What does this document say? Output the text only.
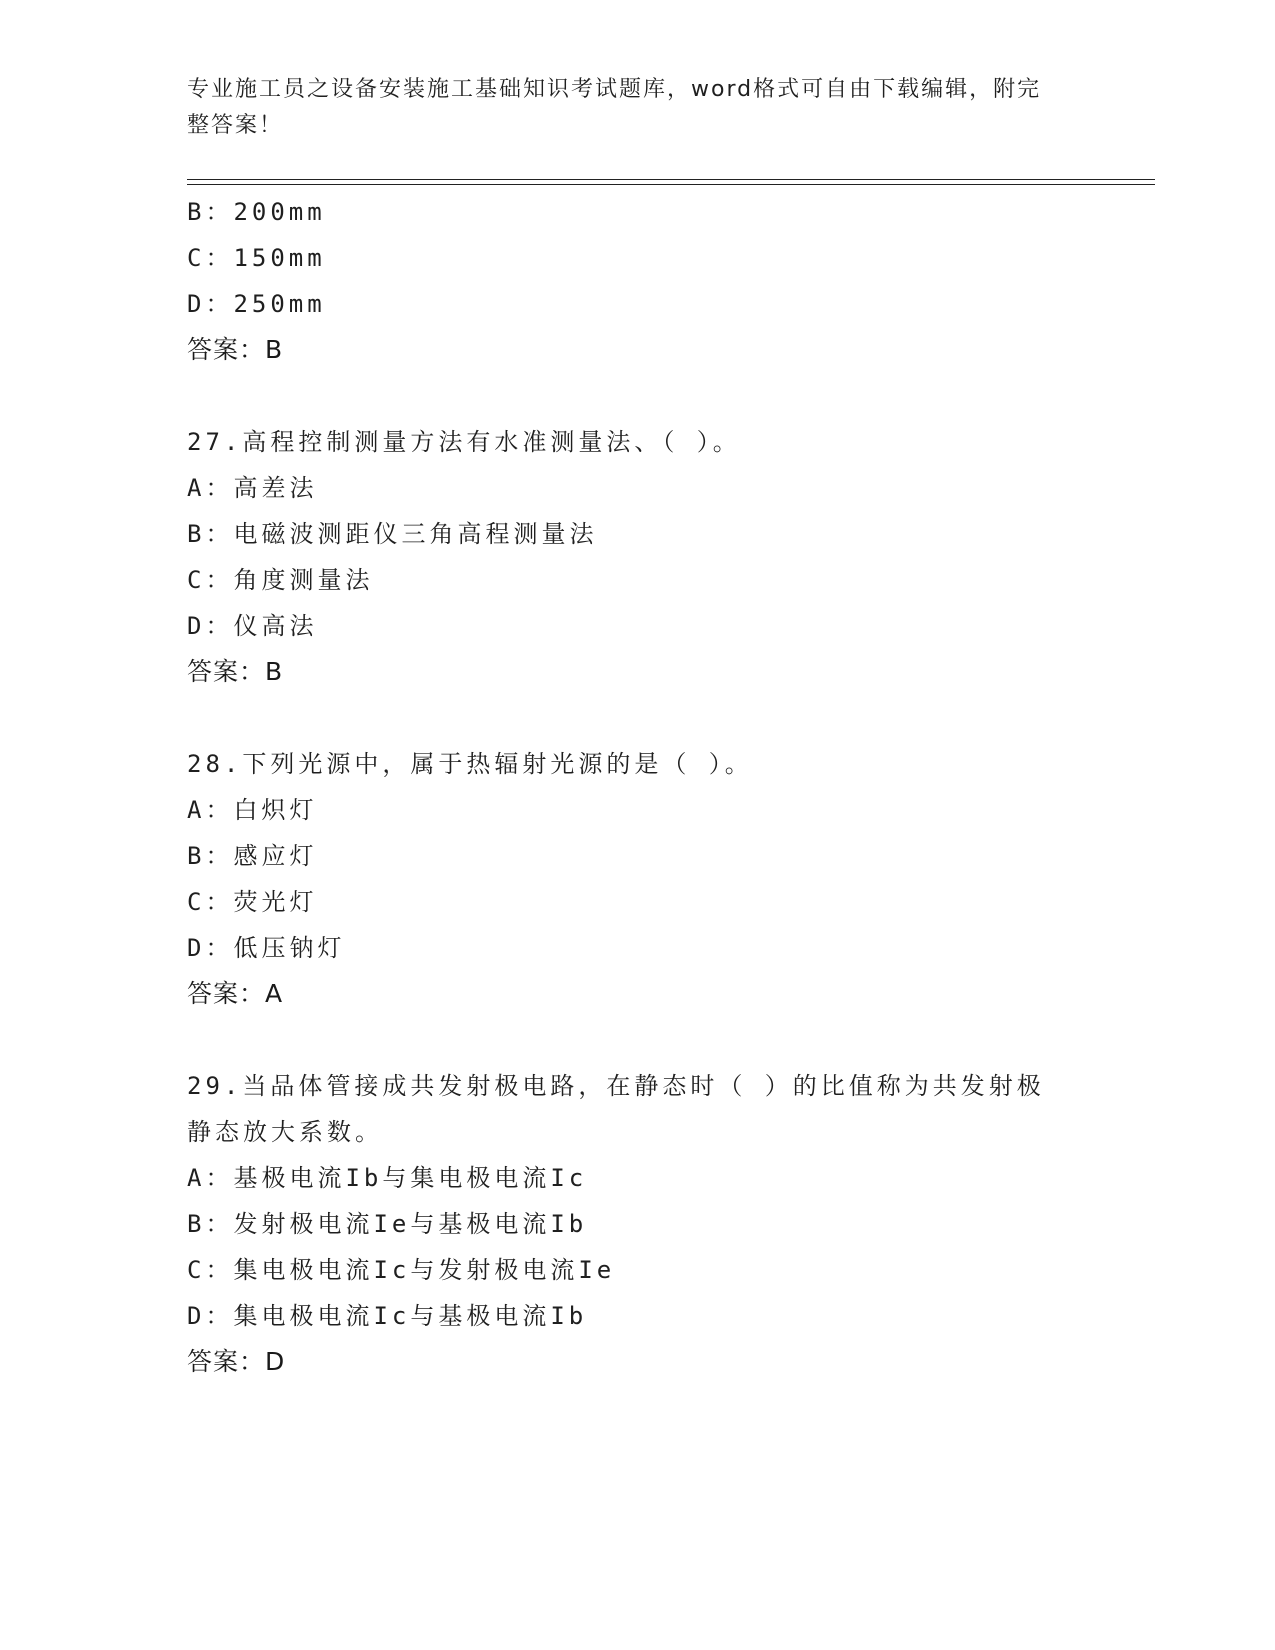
专业施工员之设备安装施工基础知识考试题库，word格式可自由下载编辑，附完
整答案！
B：200mm
C：150mm
D：250mm
答案：B
27.高程控制测量方法有水准测量法、（ ）。
A：高差法
B：电磁波测距仪三角高程测量法
C：角度测量法
D：仪高法
答案：B
28.下列光源中，属于热辐射光源的是（ ）。
A：白炽灯
B：感应灯
C：荧光灯
D：低压钠灯
答案：A
29.当品体管接成共发射极电路，在静态时（ ）的比值称为共发射极
静态放大系数。
A：基极电流Ib与集电极电流Ic
B：发射极电流Ie与基极电流Ib
C：集电极电流Ic与发射极电流Ie
D：集电极电流Ic与基极电流Ib
答案：D
